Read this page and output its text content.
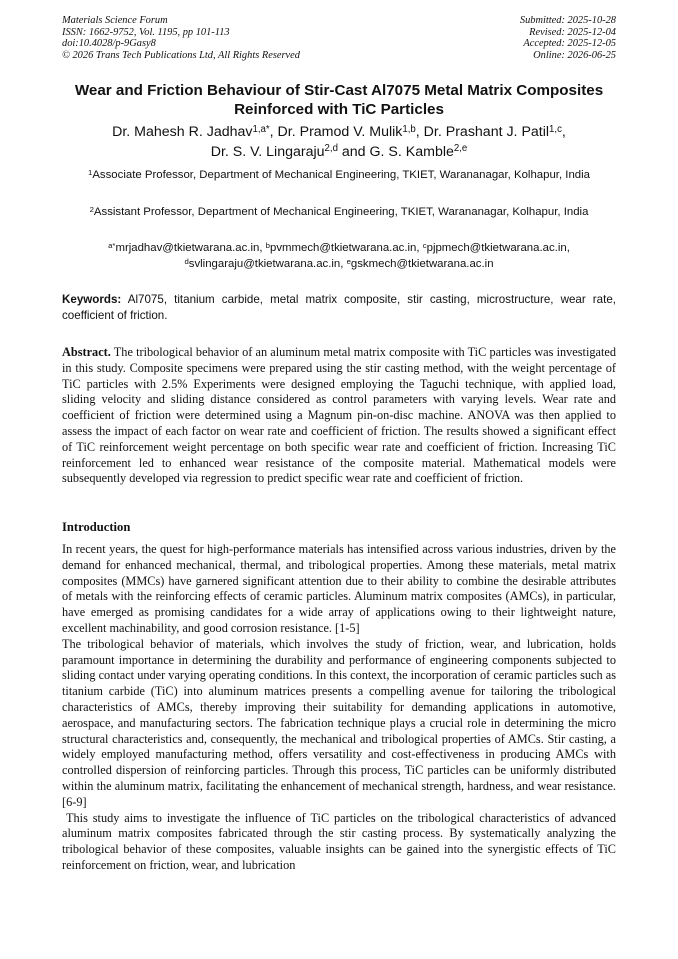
Materials Science Forum
ISSN: 1662-9752, Vol. 1195, pp 101-113
doi:10.4028/p-9Gasy8
© 2026 Trans Tech Publications Ltd, All Rights Reserved
Submitted: 2025-10-28
Revised: 2025-12-04
Accepted: 2025-12-05
Online: 2026-06-25
Wear and Friction Behaviour of Stir-Cast Al7075 Metal Matrix Composites Reinforced with TiC Particles
Dr. Mahesh R. Jadhav$^{1,a*}$, Dr. Pramod V. Mulik$^{1,b}$, Dr. Prashant J. Patil$^{1,c}$,
Dr. S. V. Lingaraju$^{2,d}$ and G. S. Kamble$^{2,e}$
$^1$Associate Professor, Department of Mechanical Engineering, TKIET, Warananagar, Kolhapur, India
$^2$Assistant Professor, Department of Mechanical Engineering, TKIET, Warananagar, Kolhapur, India
$^{a*}$mrjadhav@tkietwarana.ac.in, $^b$pvmmech@tkietwarana.ac.in, $^c$pjpmech@tkietwarana.ac.in,
$^d$svlingaraju@tkietwarana.ac.in, $^e$gskmech@tkietwarana.ac.in
Keywords: Al7075, titanium carbide, metal matrix composite, stir casting, microstructure, wear rate, coefficient of friction.
Abstract. The tribological behavior of an aluminum metal matrix composite with TiC particles was investigated in this study. Composite specimens were prepared using the stir casting method, with the weight percentage of TiC particles with 2.5% Experiments were designed employing the Taguchi technique, with applied load, sliding velocity and sliding distance considered as control parameters with varying levels. Wear rate and coefficient of friction were determined using a Magnum pin-on-disc machine. ANOVA was then applied to assess the impact of each factor on wear rate and coefficient of friction. The results showed a significant effect of TiC reinforcement weight percentage on both specific wear rate and coefficient of friction. Increasing TiC reinforcement led to enhanced wear resistance of the composite material. Mathematical models were subsequently developed via regression to predict specific wear rate and coefficient of friction.
Introduction

In recent years, the quest for high-performance materials has intensified across various industries, driven by the demand for enhanced mechanical, thermal, and tribological properties. Among these materials, metal matrix composites (MMCs) have garnered significant attention due to their ability to combine the desirable attributes of metals with the reinforcing effects of ceramic particles. Aluminum matrix composites (AMCs), in particular, have emerged as promising candidates for a wide array of applications owing to their lightweight nature, excellent machinability, and good corrosion resistance. [1-5]

The tribological behavior of materials, which involves the study of friction, wear, and lubrication, holds paramount importance in determining the durability and performance of engineering components subjected to sliding contact under varying operating conditions. In this context, the incorporation of ceramic particles such as titanium carbide (TiC) into aluminum matrices presents a compelling avenue for tailoring the tribological characteristics of AMCs, thereby improving their suitability for demanding applications in automotive, aerospace, and manufacturing sectors. The fabrication technique plays a crucial role in determining the micro structural characteristics and, consequently, the mechanical and tribological properties of AMCs. Stir casting, a widely employed manufacturing method, offers versatility and cost-effectiveness in producing AMCs with controlled dispersion of reinforcing particles. Through this process, TiC particles can be uniformly distributed within the aluminum matrix, facilitating the enhancement of mechanical strength, hardness, and wear resistance.[6-9]

This study aims to investigate the influence of TiC particles on the tribological characteristics of advanced aluminum matrix composites fabricated through the stir casting process. By systematically analyzing the tribological behavior of these composites, valuable insights can be gained into the synergistic effects of TiC reinforcement on friction, wear, and lubrication
